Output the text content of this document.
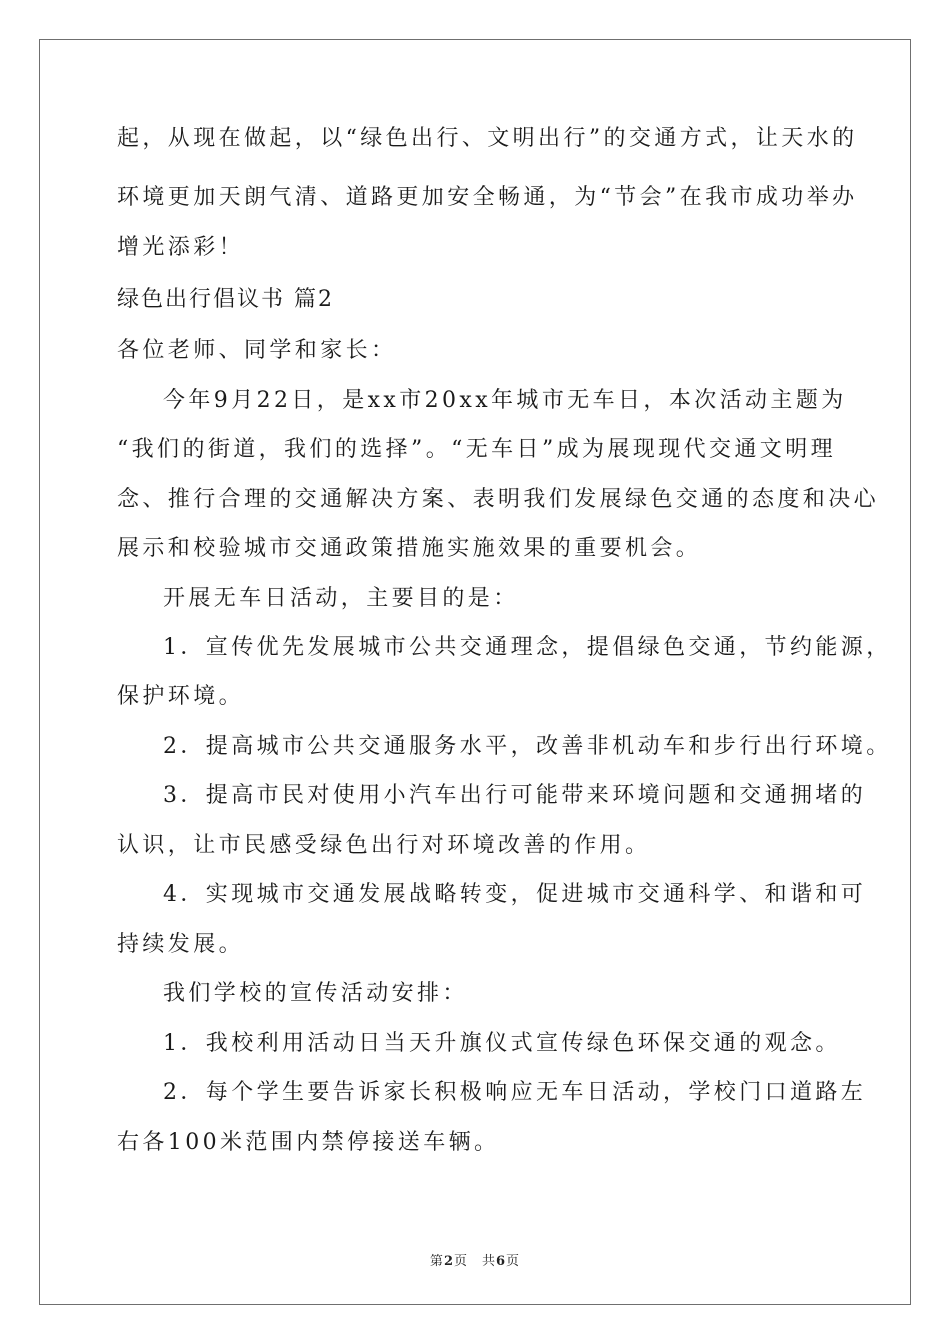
起，从现在做起，以“绿色出行、文明出行”的交通方式，让天水的
环境更加天朗气清、道路更加安全畅通，为“节会”在我市成功举办
增光添彩！
绿色出行倡议书 篇2
各位老师、同学和家长：
今年9月22日，是xx市20xx年城市无车日，本次活动主题为
“我们的街道，我们的选择”。“无车日”成为展现现代交通文明理
念、推行合理的交通解决方案、表明我们发展绿色交通的态度和决心
展示和校验城市交通政策措施实施效果的重要机会。
开展无车日活动，主要目的是：
1．宣传优先发展城市公共交通理念，提倡绿色交通，节约能源，
保护环境。
2．提高城市公共交通服务水平，改善非机动车和步行出行环境。
3．提高市民对使用小汽车出行可能带来环境问题和交通拥堵的
认识，让市民感受绿色出行对环境改善的作用。
4．实现城市交通发展战略转变，促进城市交通科学、和谐和可
持续发展。
我们学校的宣传活动安排：
1．我校利用活动日当天升旗仪式宣传绿色环保交通的观念。
2．每个学生要告诉家长积极响应无车日活动，学校门口道路左
右各100米范围内禁停接送车辆。
第2页　共6页
